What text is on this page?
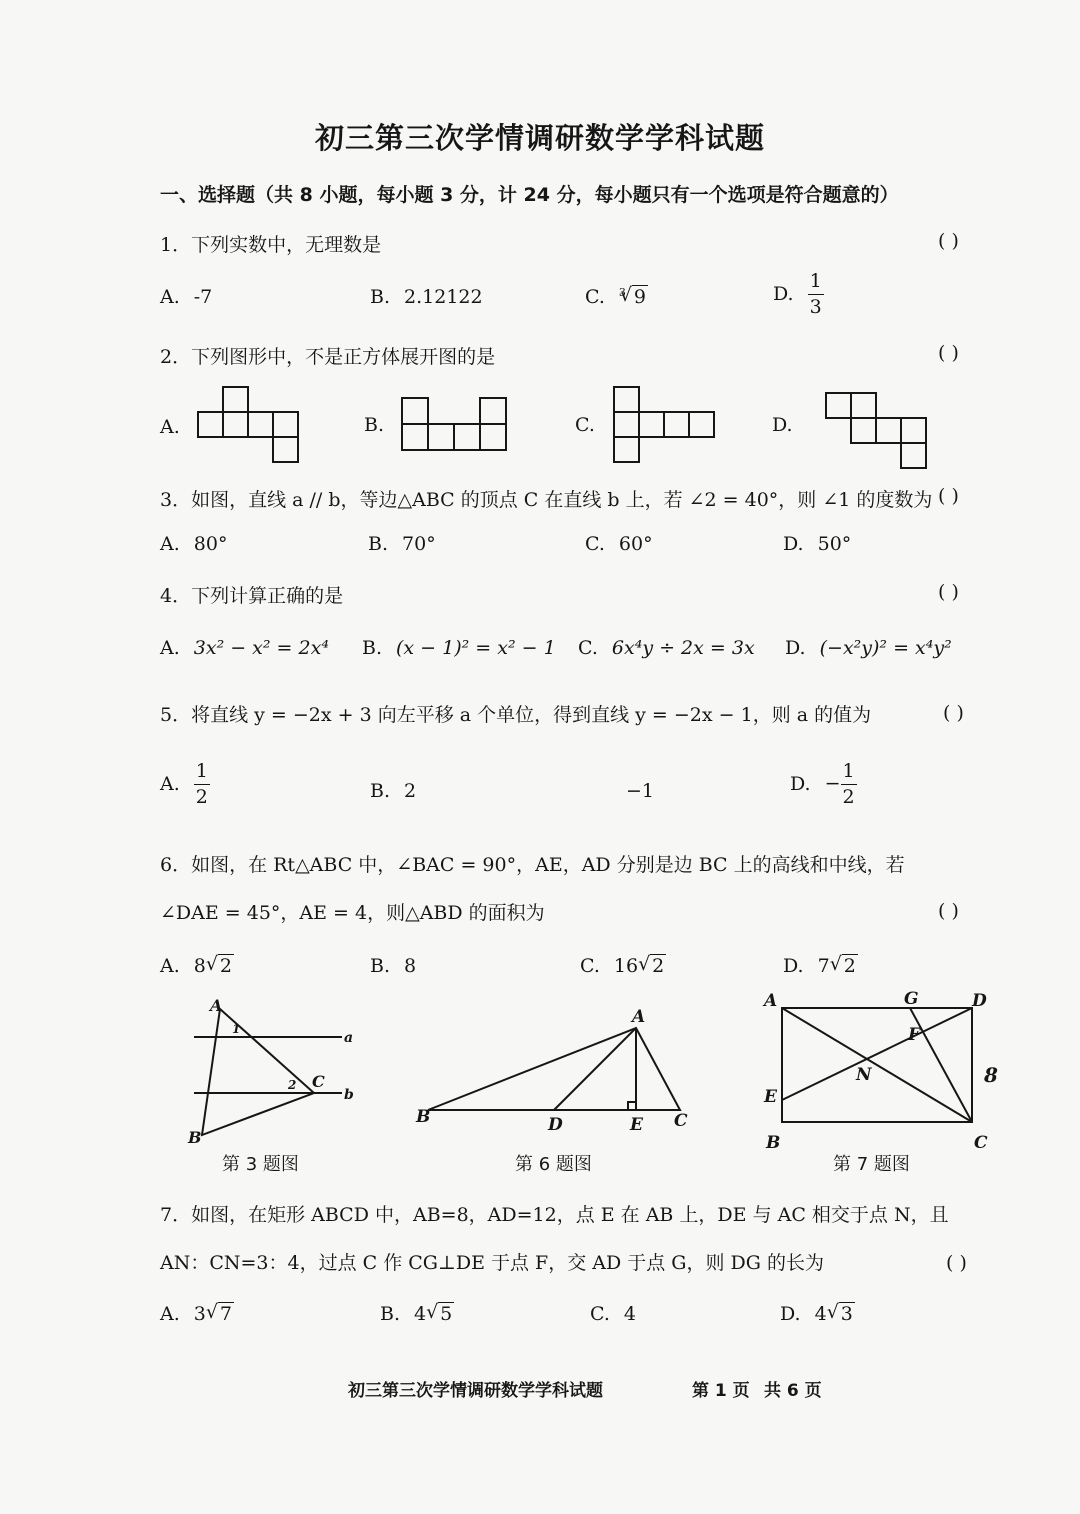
初三第三次学情调研数学学科试题
一、选择题（共 8 小题，每小题 3 分，计 24 分，每小题只有一个选项是符合题意的）
1．下列实数中，无理数是	( )
A. -7	B. 2.12122	C. $^3$ √ 9	D. $\frac{1}{3}$
2．下列图形中，不是正方体展开图的是	( )
A.	B.	C.	D.
3．如图，直线 a // b，等边△ABC 的顶点 C 在直线 b 上，若 ∠2 = 40°，则 ∠1 的度数为 ( )
A. 80°	B. 70°	C. 60°	D. 50°
4．下列计算正确的是	( )
A. 3x² − x² = 2x⁴ B. (x − 1)² = x² − 1 C. 6x⁴y ÷ 2x = 3x D. (−x²y)² = x⁴y²
5．将直线 y = −2x + 3 向左平移 a 个单位，得到直线 y = −2x − 1，则 a 的值为	( )
A. $\frac{1}{2}$	B. 2	−1	D. − $\frac{1}{2}$
6．如图，在 Rt△ABC 中，∠BAC = 90°，AE，AD 分别是边 BC 上的高线和中线，若
∠DAE = 45°，AE = 4，则△ABD 的面积为	( )
A. 8 √ 2	B. 8	C. 16 √ 2	D. 7 √ 2
A
B
C
a
b
1
2
第 3 题图
A
B	C
D	E
第 6 题图
A
B	C
D
E
F
G
N	8
第 7 题图
7．如图，在矩形 ABCD 中，AB=8，AD=12，点 E 在 AB 上，DE 与 AC 相交于点 N，且
AN：CN=3：4，过点 C 作 CG⊥DE 于点 F，交 AD 于点 G，则 DG 的长为	( )
A. 3 √ 7	B. 4 √ 5	C. 4	D. 4 √ 3
初三第三次学情调研数学学科试题	第 1 页 共 6 页
